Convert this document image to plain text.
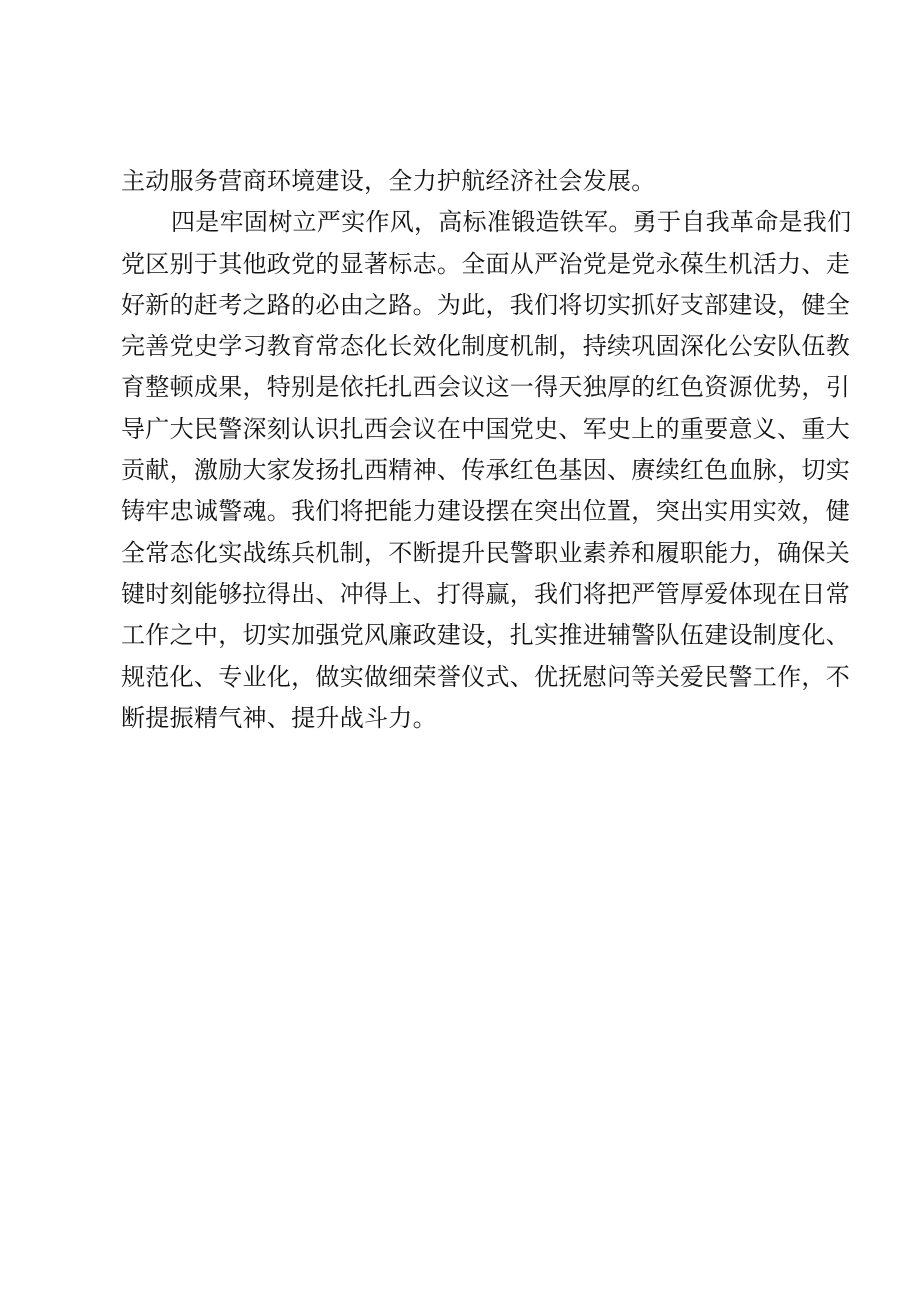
主动服务营商环境建设，全力护航经济社会发展。
四是牢固树立严实作风，高标准锻造铁军。勇于自我革命是我们
党区别于其他政党的显著标志。全面从严治党是党永葆生机活力、走
好新的赶考之路的必由之路。为此，我们将切实抓好支部建设，健全
完善党史学习教育常态化长效化制度机制，持续巩固深化公安队伍教
育整顿成果，特别是依托扎西会议这一得天独厚的红色资源优势，引
导广大民警深刻认识扎西会议在中国党史、军史上的重要意义、重大
贡献，激励大家发扬扎西精神、传承红色基因、赓续红色血脉，切实
铸牢忠诚警魂。我们将把能力建设摆在突出位置，突出实用实效，健
全常态化实战练兵机制，不断提升民警职业素养和履职能力，确保关
键时刻能够拉得出、冲得上、打得赢，我们将把严管厚爱体现在日常
工作之中，切实加强党风廉政建设，扎实推进辅警队伍建设制度化、
规范化、专业化，做实做细荣誉仪式、优抚慰问等关爱民警工作，不
断提振精气神、提升战斗力。
